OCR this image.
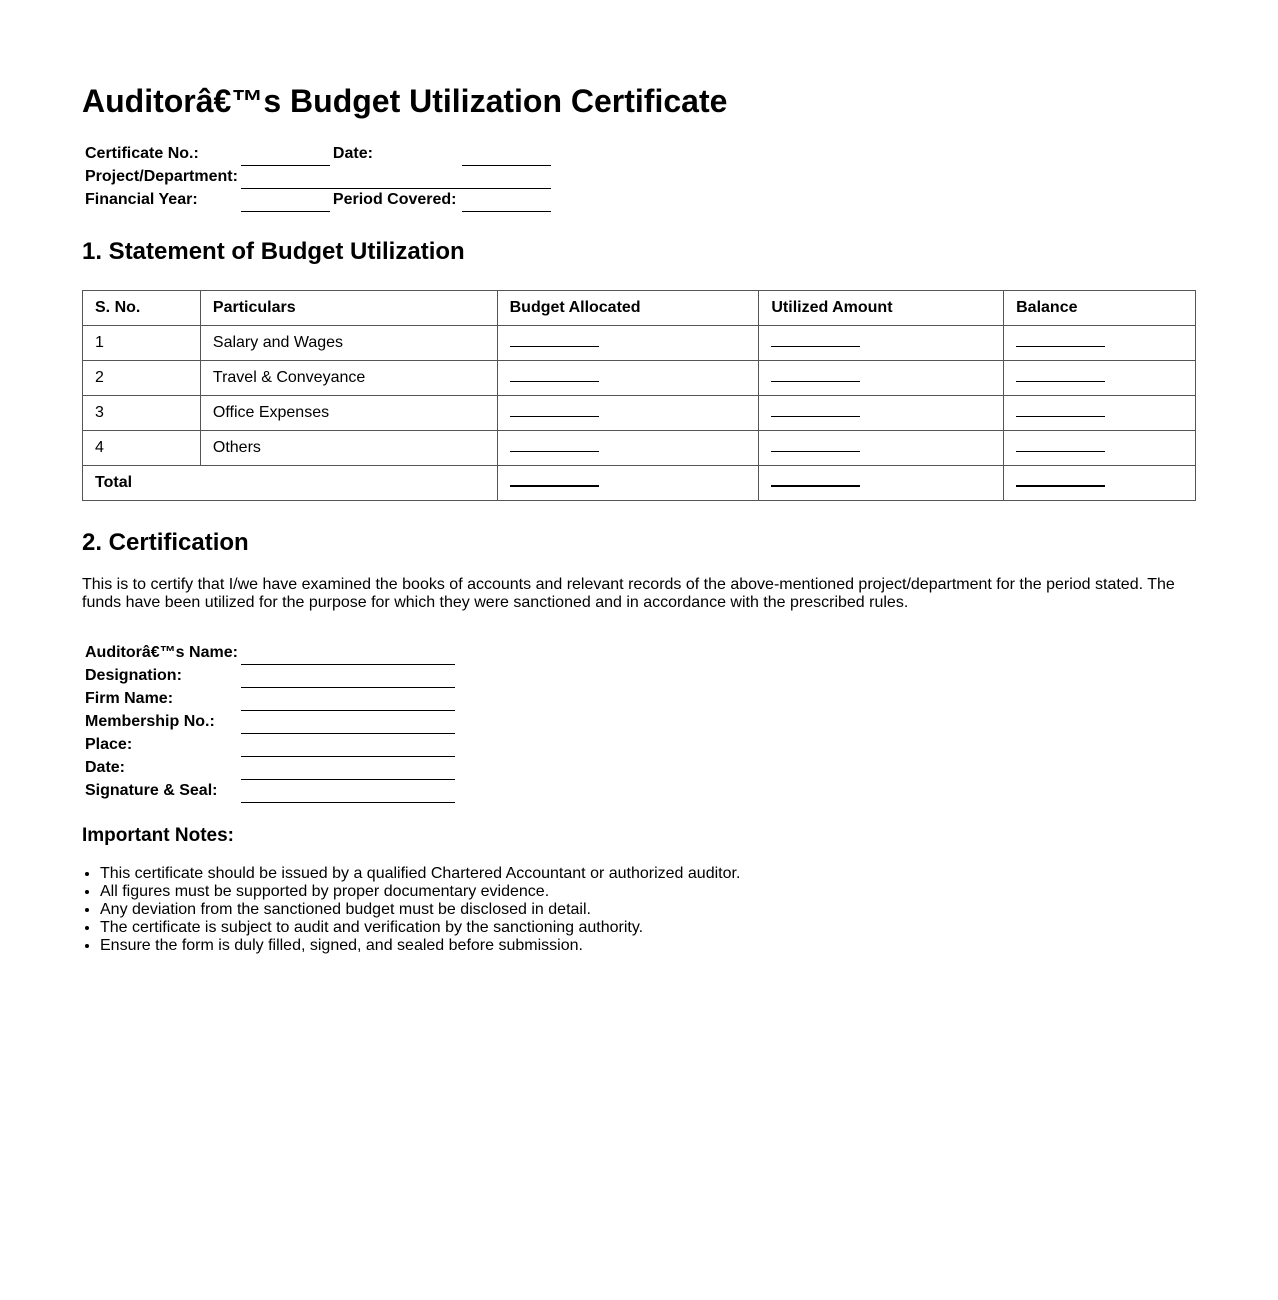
Auditorâ€™s Budget Utilization Certificate
Certificate No.:		Date:	
Project/Department:			
Financial Year:		Period Covered:	
1. Statement of Budget Utilization
S. No.	Particulars	Budget Allocated	Utilized Amount	Balance
1	Salary and Wages			
2	Travel & Conveyance			
3	Office Expenses			
4	Others			
Total				
2. Certification

This is to certify that I/we have examined the books of accounts and relevant records of the above-mentioned project/department for the period stated. The funds have been utilized for the purpose for which they were sanctioned and in accordance with the prescribed rules.

Auditorâ€™s Name:	
Designation:	
Firm Name:	
Membership No.:	
Place:	
Date:	
Signature & Seal:	
Important Notes:
• This certificate should be issued by a qualified Chartered Accountant or authorized auditor.
• All figures must be supported by proper documentary evidence.
• Any deviation from the sanctioned budget must be disclosed in detail.
• The certificate is subject to audit and verification by the sanctioning authority.
• Ensure the form is duly filled, signed, and sealed before submission.
